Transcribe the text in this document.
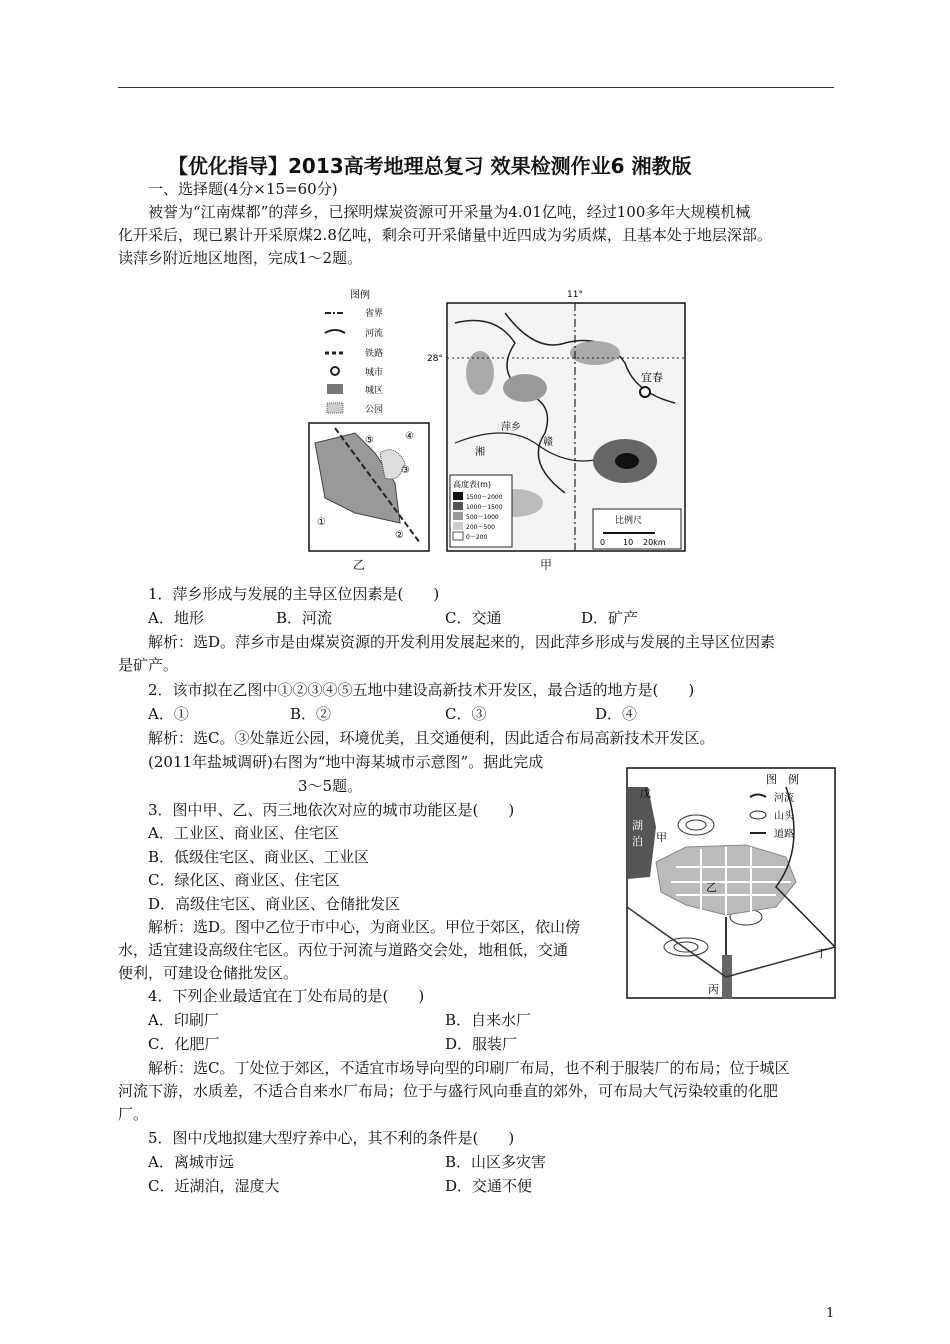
【优化指导】2013高考地理总复习 效果检测作业6 湘教版
一、选择题(4分×15=60分)
被誉为“江南煤都”的萍乡，已探明煤炭资源可开采量为4.01亿吨，经过100多年大规模机械
化开采后，现已累计开采原煤2.8亿吨，剩余可开采储量中近四成为劣质煤，且基本处于地层深部。
读萍乡附近地区地图，完成1～2题。
图例
省界
河流
铁路
城市
城区
公园
28°
11°
宜春
萍乡
赣
湘
高度表(m)
1500～2000
1000～1500
500～1000
200～500
0～200
比例尺
0 10 20km
①
②
③
④
⑤
乙	甲
1．萍乡形成与发展的主导区位因素是(　　)
A．地形	B．河流	C．交通	D．矿产
解析：选D。萍乡市是由煤炭资源的开发利用发展起来的，因此萍乡形成与发展的主导区位因素
是矿产。
2．该市拟在乙图中①②③④⑤五地中建设高新技术开发区，最合适的地方是(　　)
A．①	B．②	C．③	D．④
解析：选C。③处靠近公园，环境优美，且交通便利，因此适合布局高新技术开发区。
(2011年盐城调研)右图为“地中海某城市示意图”。据此完成
3～5题。
3．图中甲、乙、丙三地依次对应的城市功能区是(　　)
A．工业区、商业区、住宅区
B．低级住宅区、商业区、工业区
C．绿化区、商业区、住宅区
D．高级住宅区、商业区、仓储批发区
解析：选D。图中乙位于市中心，为商业区。甲位于郊区，依山傍
水，适宜建设高级住宅区。丙位于河流与道路交会处，地租低，交通
便利，可建设仓储批发区。
湖
泊
戊
甲
乙
丙
丁
图　例
河流
山头
道路
4．下列企业最适宜在丁处布局的是(　　)
A．印刷厂	B．自来水厂
C．化肥厂	D．服装厂
解析：选C。丁处位于郊区，不适宜市场导向型的印刷厂布局，也不利于服装厂的布局；位于城区
河流下游，水质差，不适合自来水厂布局；位于与盛行风向垂直的郊外，可布局大气污染较重的化肥
厂。
5．图中戊地拟建大型疗养中心，其不利的条件是(　　)
A．离城市远	B．山区多灾害
C．近湖泊，湿度大	D．交通不便
1
